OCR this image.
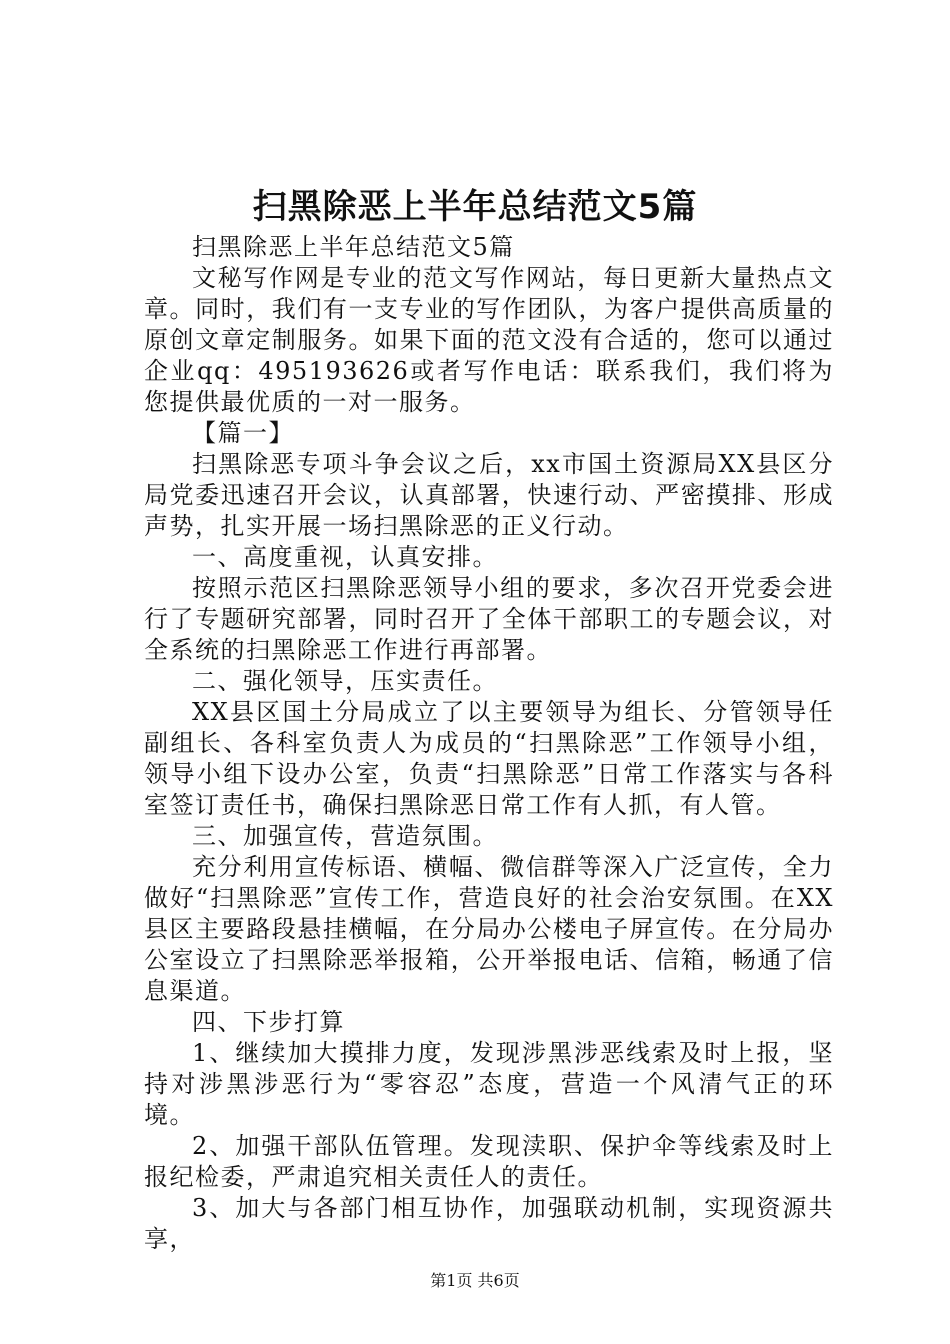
扫黑除恶上半年总结范文5篇

扫黑除恶上半年总结范文5篇

文秘写作网是专业的范文写作网站，每日更新大量热点文章。同时，我们有一支专业的写作团队，为客户提供高质量的原创文章定制服务。如果下面的范文没有合适的，您可以通过企业qq：495193626或者写作电话：联系我们，我们将为您提供最优质的一对一服务。

【篇一】

扫黑除恶专项斗争会议之后，xx市国土资源局XX县区分局党委迅速召开会议，认真部署，快速行动、严密摸排、形成声势，扎实开展一场扫黑除恶的正义行动。

一、高度重视，认真安排。

按照示范区扫黑除恶领导小组的要求，多次召开党委会进行了专题研究部署，同时召开了全体干部职工的专题会议，对全系统的扫黑除恶工作进行再部署。

二、强化领导，压实责任。

XX县区国土分局成立了以主要领导为组长、分管领导任副组长、各科室负责人为成员的“扫黑除恶”工作领导小组，领导小组下设办公室，负责“扫黑除恶”日常工作落实与各科室签订责任书，确保扫黑除恶日常工作有人抓，有人管。

三、加强宣传，营造氛围。

充分利用宣传标语、横幅、微信群等深入广泛宣传，全力做好“扫黑除恶”宣传工作，营造良好的社会治安氛围。在XX县区主要路段悬挂横幅，在分局办公楼电子屏宣传。在分局办公室设立了扫黑除恶举报箱，公开举报电话、信箱，畅通了信息渠道。

四、下步打算

1、继续加大摸排力度，发现涉黑涉恶线索及时上报，坚持对涉黑涉恶行为“零容忍”态度，营造一个风清气正的环境。

2、加强干部队伍管理。发现渎职、保护伞等线索及时上报纪检委，严肃追究相关责任人的责任。

3、加大与各部门相互协作，加强联动机制，实现资源共享，

第1页 共6页
